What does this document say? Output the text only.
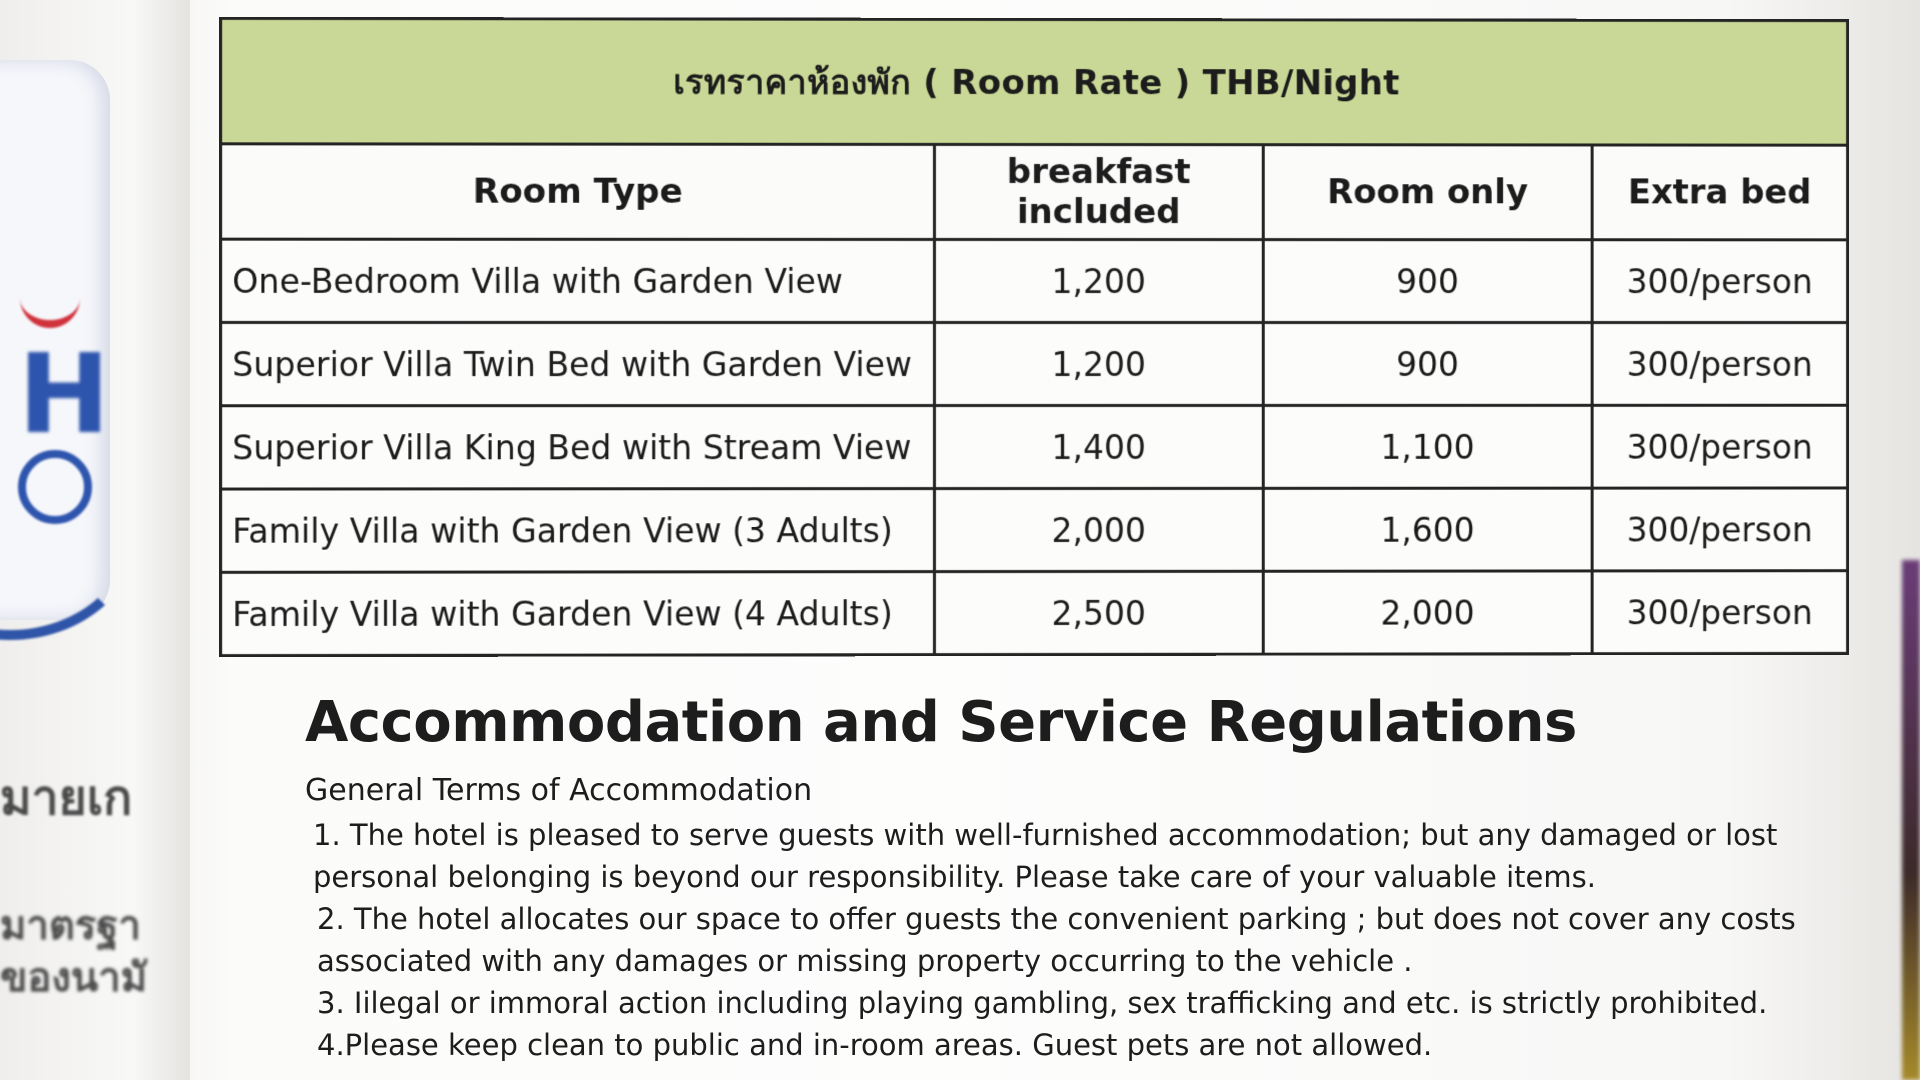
H
มายเก
มาตรฐา
ของนามั
เรทราคาห้องพัก ( Room Rate ) THB/Night			
Room Type	breakfast included	Room only	Extra bed
One-Bedroom Villa with Garden View	1,200	900	300/person
Superior Villa Twin Bed with Garden View	1,200	900	300/person
Superior Villa King Bed with Stream View	1,400	1,100	300/person
Family Villa with Garden View (3 Adults)	2,000	1,600	300/person
Family Villa with Garden View (4 Adults)	2,500	2,000	300/person
Accommodation and Service Regulations
General Terms of Accommodation
1. The hotel is pleased to serve guests with well-furnished accommodation; but any damaged or lost personal belonging is beyond our responsibility. Please take care of your valuable items.
2. The hotel allocates our space to offer guests the convenient parking ; but does not cover any costs associated with any damages or missing property occurring to the vehicle .
3. Iilegal or immoral action including playing gambling, sex trafficking and etc. is strictly prohibited.
4.Please keep clean to public and in-room areas. Guest pets are not allowed.
